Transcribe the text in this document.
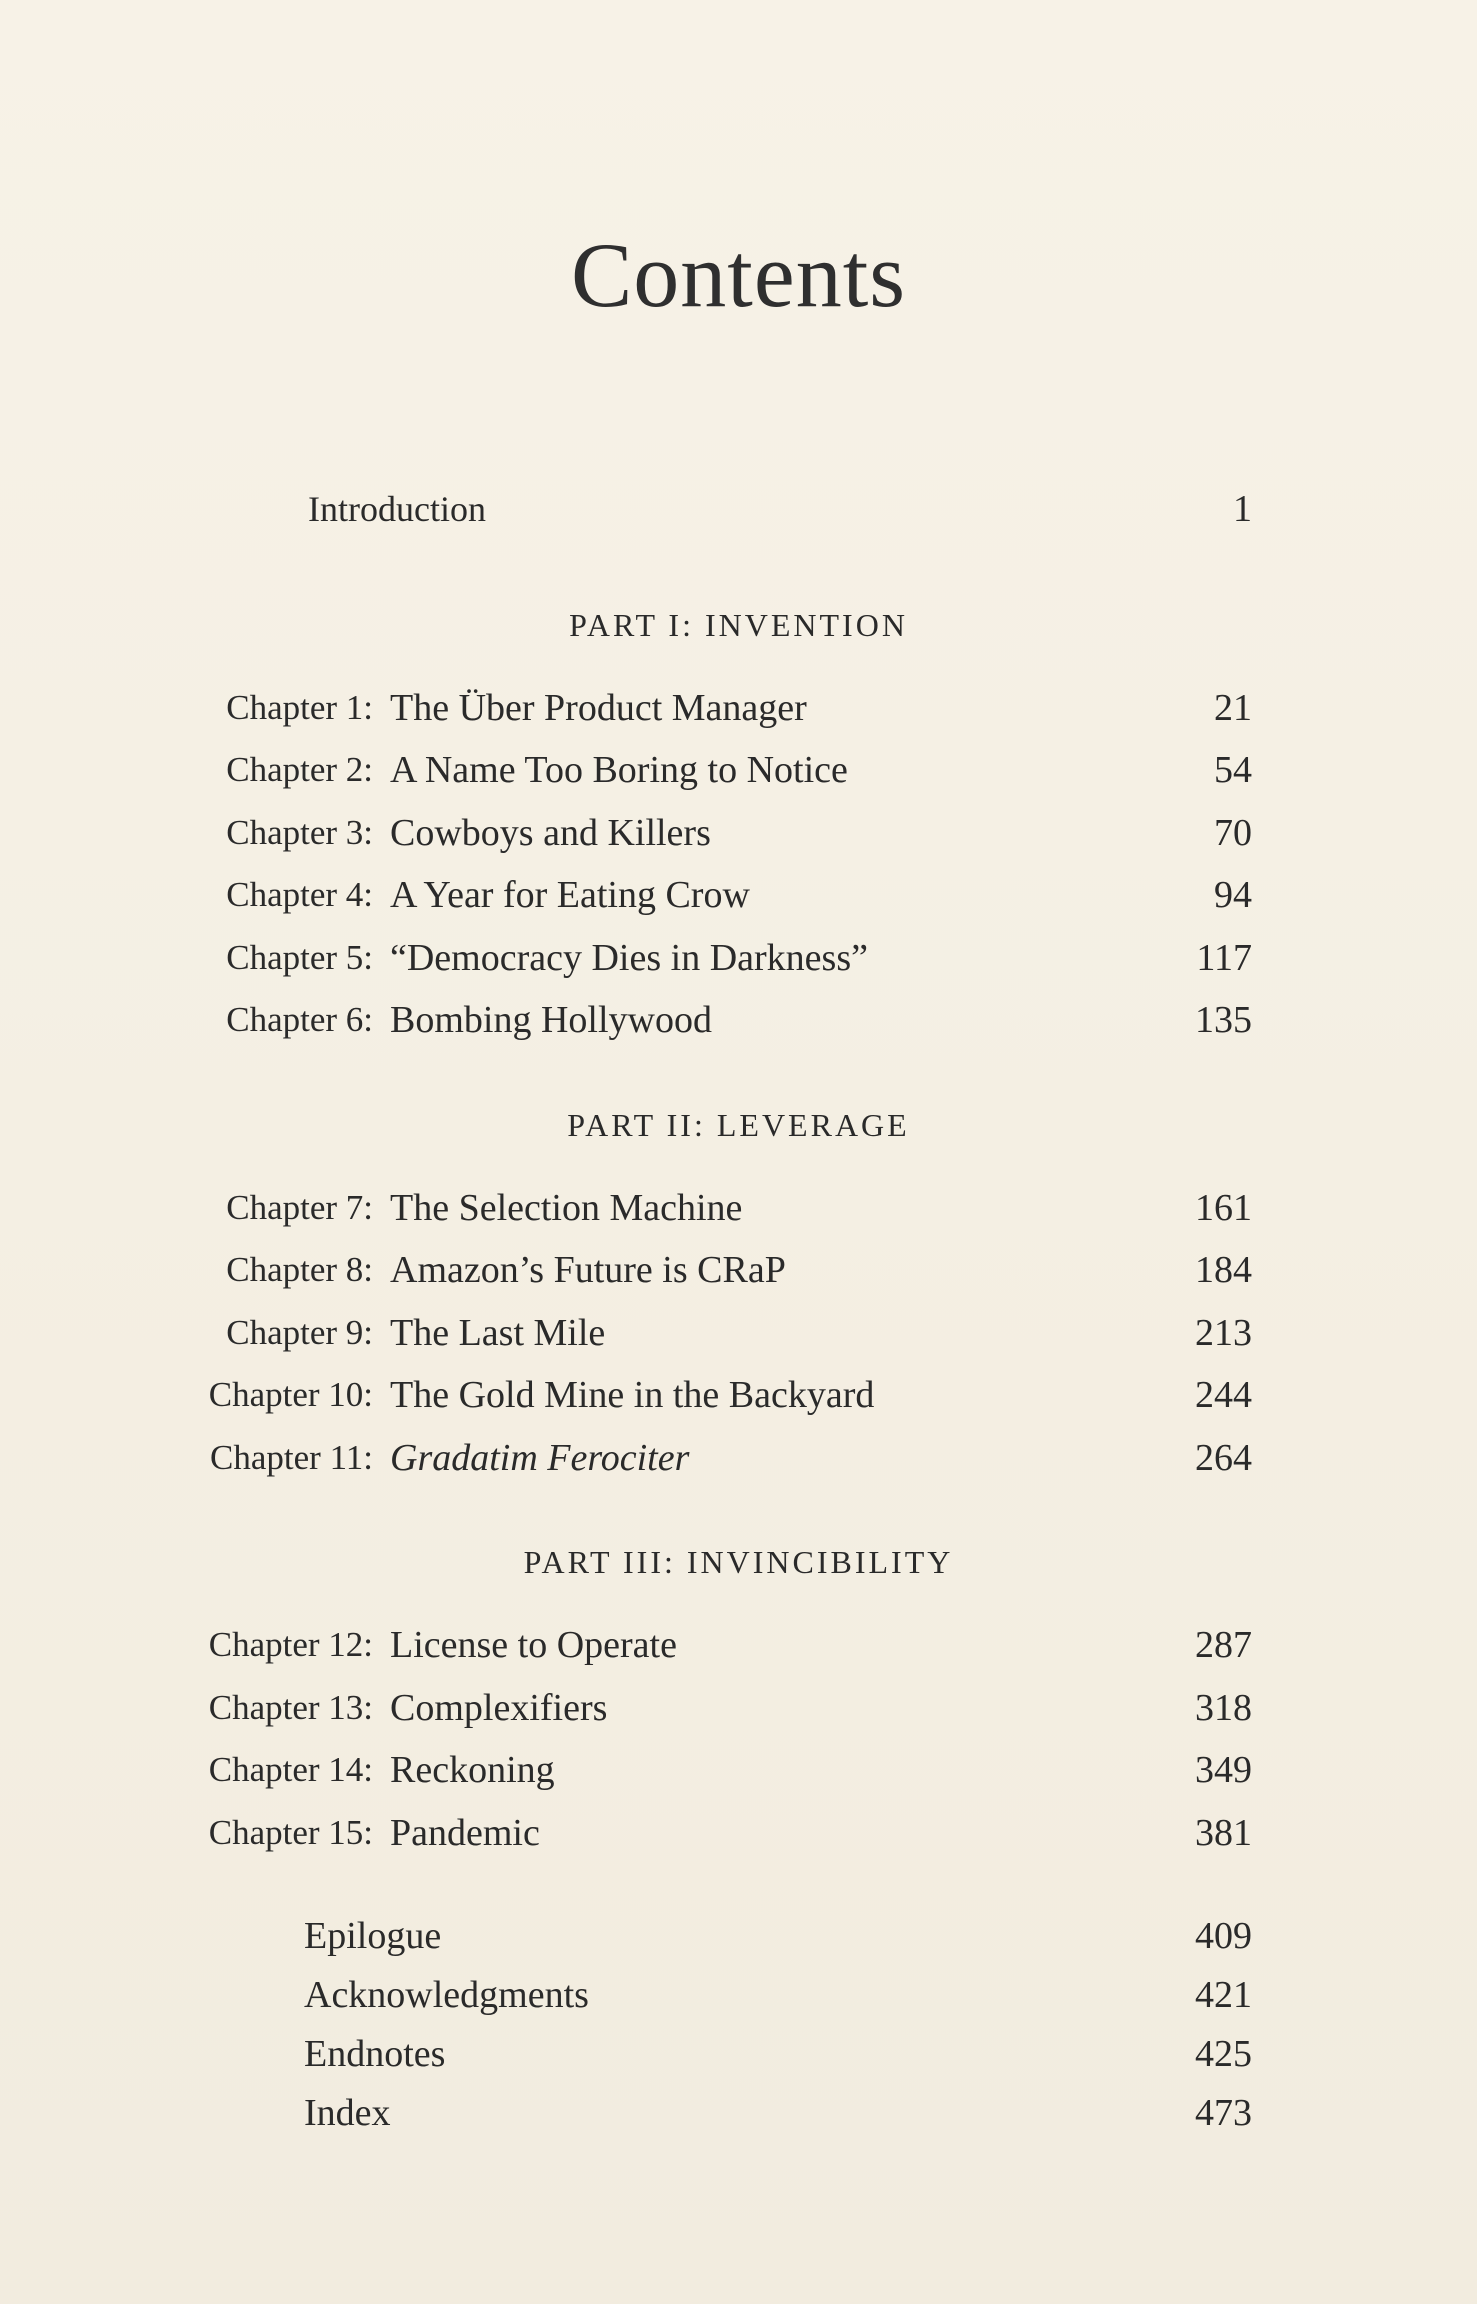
Contents
Introduction	1
PART I: INVENTION
Chapter 1: The Über Product Manager	21
Chapter 2: A Name Too Boring to Notice	54
Chapter 3: Cowboys and Killers	70
Chapter 4: A Year for Eating Crow	94
Chapter 5: “Democracy Dies in Darkness”	117
Chapter 6: Bombing Hollywood	135
PART II: LEVERAGE
Chapter 7: The Selection Machine	161
Chapter 8: Amazon’s Future is CRaP	184
Chapter 9: The Last Mile	213
Chapter 10: The Gold Mine in the Backyard	244
Chapter 11: Gradatim Ferociter	264
PART III: INVINCIBILITY
Chapter 12: License to Operate	287
Chapter 13: Complexifiers	318
Chapter 14: Reckoning	349
Chapter 15: Pandemic	381
Epilogue	409
Acknowledgments	421
Endnotes	425
Index	473
